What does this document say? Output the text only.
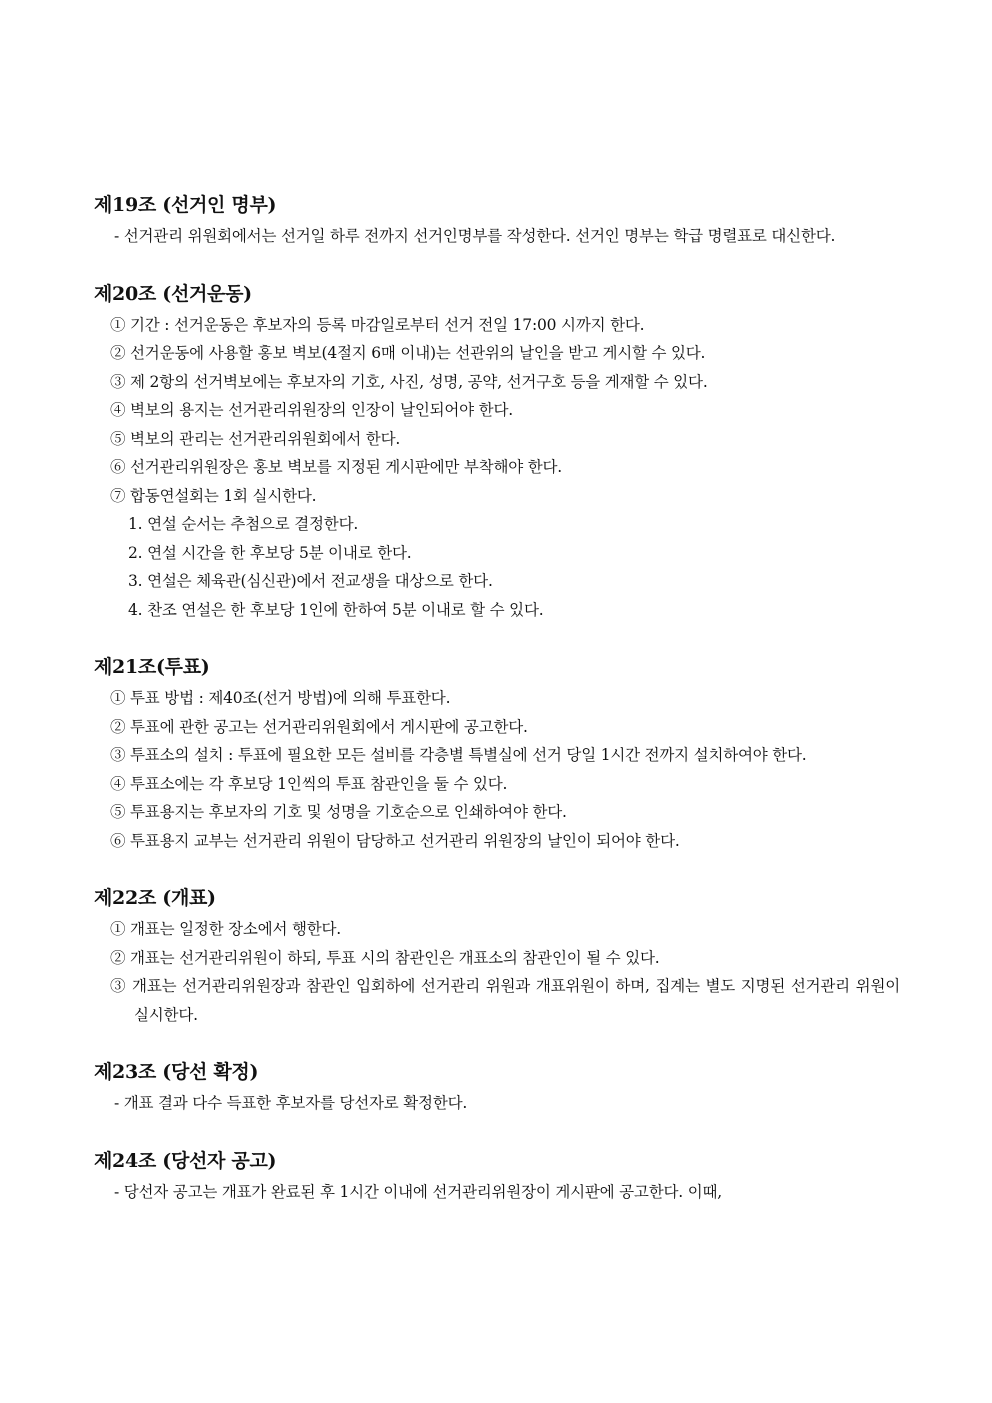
제19조 (선거인 명부)
- 선거관리 위원회에서는 선거일 하루 전까지 선거인명부를 작성한다. 선거인 명부는 학급 명렬표로 대신한다.
제20조 (선거운동)
① 기간 : 선거운동은 후보자의 등록 마감일로부터 선거 전일 17:00 시까지 한다.
② 선거운동에 사용할 홍보 벽보(4절지 6매 이내)는 선관위의 날인을 받고 게시할 수 있다.
③ 제 2항의 선거벽보에는 후보자의 기호, 사진, 성명, 공약, 선거구호 등을 게재할 수 있다.
④ 벽보의 용지는 선거관리위원장의 인장이 날인되어야 한다.
⑤ 벽보의 관리는 선거관리위원회에서 한다.
⑥ 선거관리위원장은 홍보 벽보를 지정된 게시판에만 부착해야 한다.
⑦ 합동연설회는 1회 실시한다.
1. 연설 순서는 추첨으로 결정한다.
2. 연설 시간을 한 후보당 5분 이내로 한다.
3. 연설은 체육관(심신관)에서 전교생을 대상으로 한다.
4. 찬조 연설은 한 후보당 1인에 한하여 5분 이내로 할 수 있다.
제21조(투표)
① 투표 방법 : 제40조(선거 방법)에 의해 투표한다.
② 투표에 관한 공고는 선거관리위원회에서 게시판에 공고한다.
③ 투표소의 설치 : 투표에 필요한 모든 설비를 각층별 특별실에 선거 당일 1시간 전까지 설치하여야 한다.
④ 투표소에는 각 후보당 1인씩의 투표 참관인을 둘 수 있다.
⑤ 투표용지는 후보자의 기호 및 성명을 기호순으로 인쇄하여야 한다.
⑥ 투표용지 교부는 선거관리 위원이 담당하고 선거관리 위원장의 날인이 되어야 한다.
제22조 (개표)
① 개표는 일정한 장소에서 행한다.
② 개표는 선거관리위원이 하되, 투표 시의 참관인은 개표소의 참관인이 될 수 있다.
③ 개표는 선거관리위원장과 참관인 입회하에 선거관리 위원과 개표위원이 하며, 집계는 별도 지명된 선거관리 위원이 실시한다.
제23조 (당선 확정)
- 개표 결과 다수 득표한 후보자를 당선자로 확정한다.
제24조 (당선자 공고)
- 당선자 공고는 개표가 완료된 후 1시간 이내에 선거관리위원장이 게시판에 공고한다. 이때,
